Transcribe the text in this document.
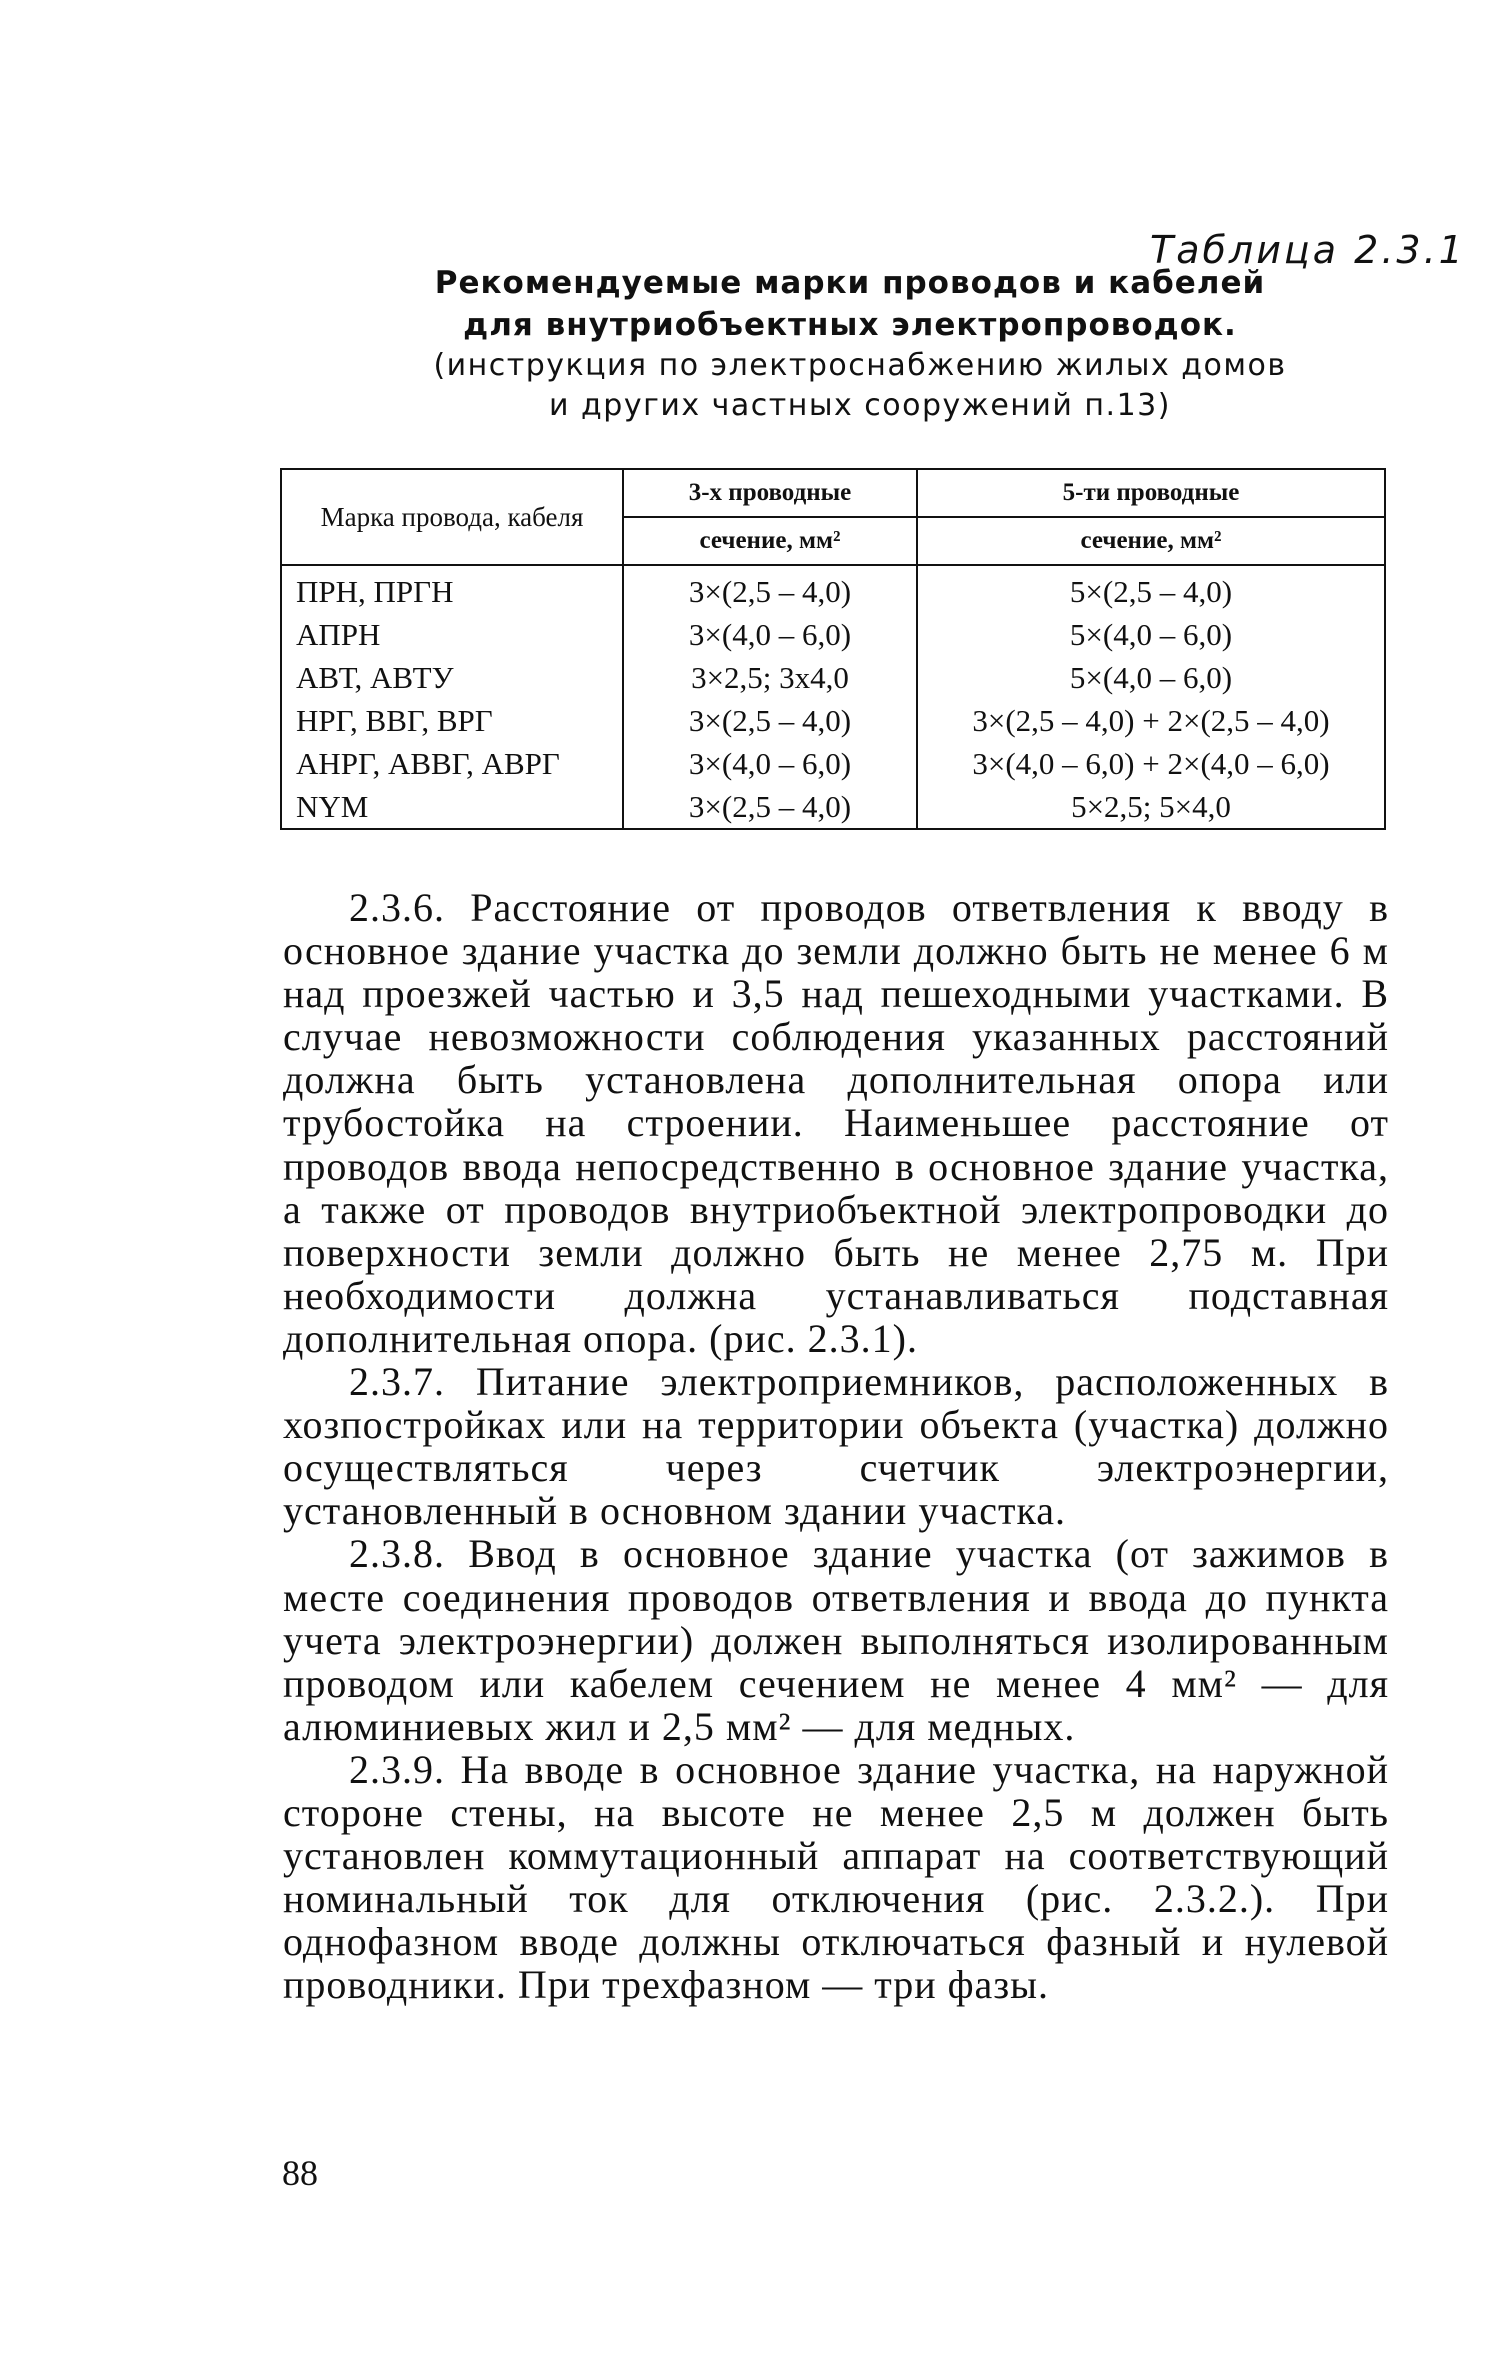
Таблица 2.3.1
Рекомендуемые марки проводов и кабелей
для внутриобъектных электропроводок.
(инструкция по электроснабжению жилых домов
и других частных сооружений п.13)
Марка провода, кабеля	3-х проводные	5-ти проводные
	сечение, мм²	сечение, мм²
ПРН, ПРГН	3×(2,5 – 4,0)	5×(2,5 – 4,0)
АПРН	3×(4,0 – 6,0)	5×(4,0 – 6,0)
АВТ, АВТУ	3×2,5; 3х4,0	5×(4,0 – 6,0)
НРГ, ВВГ, ВРГ	3×(2,5 – 4,0)	3×(2,5 – 4,0) + 2×(2,5 – 4,0)
АНРГ, АВВГ, АВРГ	3×(4,0 – 6,0)	3×(4,0 – 6,0) + 2×(4,0 – 6,0)
NYM	3×(2,5 – 4,0)	5×2,5; 5×4,0

2.3.6. Расстояние от проводов ответвления к вводу в основное здание участка до земли должно быть не менее 6 м над проезжей частью и 3,5 над пешеходными участками. В случае невозможности соблюдения указанных расстояний должна быть установлена дополнительная опора или трубостойка на строении. Наименьшее расстояние от проводов ввода непосредственно в основное здание участка, а также от проводов внутриобъектной электропроводки до поверхности земли должно быть не менее 2,75 м. При необходимости должна устанавливаться подставная дополнительная опора. (рис. 2.3.1).

2.3.7. Питание электроприемников, расположенных в хозпостройках или на территории объекта (участка) должно осуществляться через счетчик электроэнергии, установленный в основном здании участка.

2.3.8. Ввод в основное здание участка (от зажимов в месте соединения проводов ответвления и ввода до пункта учета электроэнергии) должен выполняться изолированным проводом или кабелем сечением не менее 4 мм² — для алюминиевых жил и 2,5 мм² — для медных.

2.3.9. На вводе в основное здание участка, на наружной стороне стены, на высоте не менее 2,5 м должен быть установлен коммутационный аппарат на соответствующий номинальный ток для отключения (рис. 2.3.2.). При однофазном вводе должны отключаться фазный и нулевой проводники. При трехфазном — три фазы.

88
